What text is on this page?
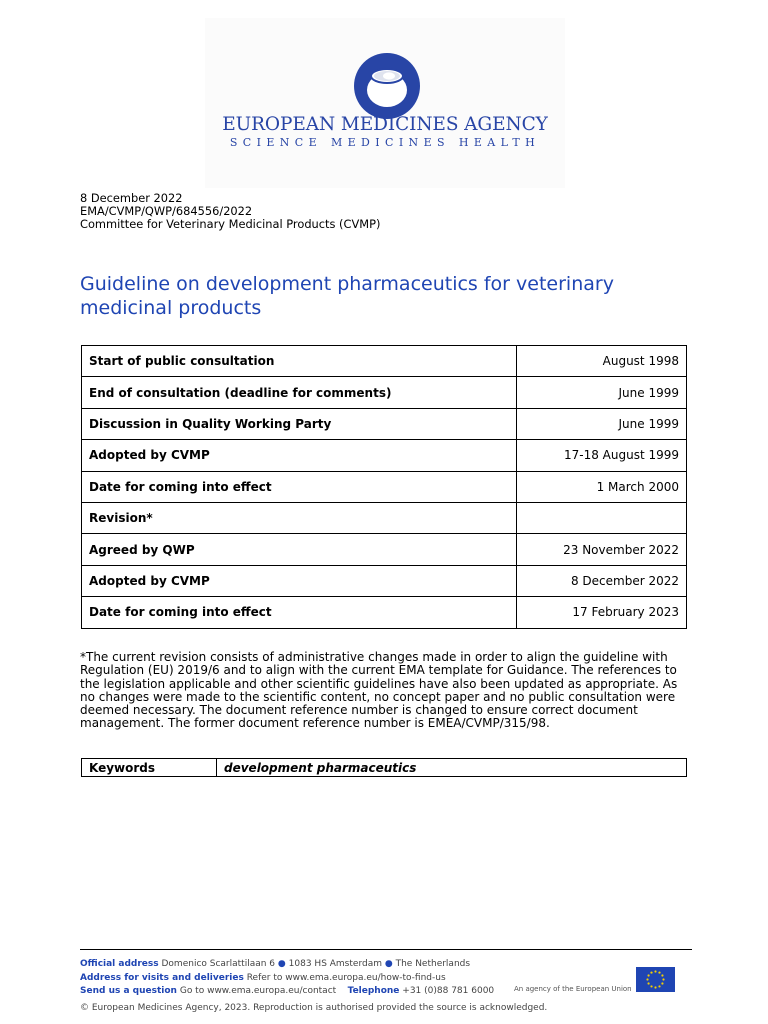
EUROPEAN MEDICINES AGENCY
SCIENCE MEDICINES HEALTH
8 December 2022
EMA/CVMP/QWP/684556/2022
Committee for Veterinary Medicinal Products (CVMP)
Guideline on development pharmaceutics for veterinary medicinal products
Start of public consultation	August 1998
End of consultation (deadline for comments)	June 1999
Discussion in Quality Working Party	June 1999
Adopted by CVMP	17-18 August 1999
Date for coming into effect	1 March 2000
Revision*	
Agreed by QWP	23 November 2022
Adopted by CVMP	8 December 2022
Date for coming into effect	17 February 2023
*The current revision consists of administrative changes made in order to align the guideline with Regulation (EU) 2019/6 and to align with the current EMA template for Guidance. The references to the legislation applicable and other scientific guidelines have also been updated as appropriate. As no changes were made to the scientific content, no concept paper and no public consultation were deemed necessary. The document reference number is changed to ensure correct document management. The former document reference number is EMEA/CVMP/315/98.
Keywords	development pharmaceutics
Official address Domenico Scarlattilaan 6 ● 1083 HS Amsterdam ● The Netherlands
Address for visits and deliveries Refer to www.ema.europa.eu/how-to-find-us
Send us a question Go to www.ema.europa.eu/contact Telephone +31 (0)88 781 6000	An agency of the European Union
© European Medicines Agency, 2023. Reproduction is authorised provided the source is acknowledged.
